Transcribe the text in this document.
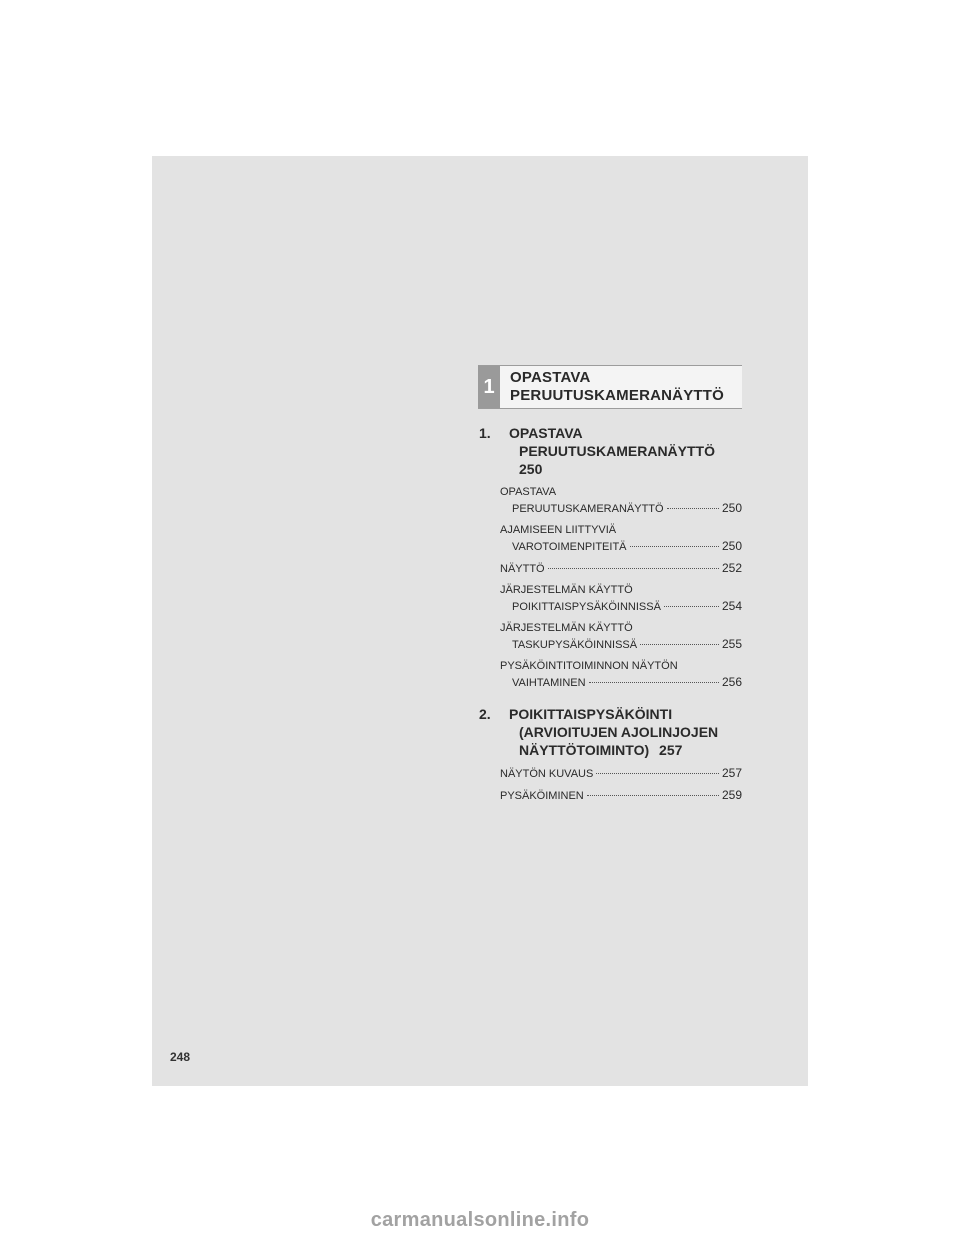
1	OPASTAVA
PERUUTUSKAMERANÄYTTÖ
1. OPASTAVA
PERUUTUSKAMERANÄYTTÖ 250
OPASTAVA
PERUUTUSKAMERANÄYTTÖ	250
AJAMISEEN LIITTYVIÄ
VAROTOIMENPITEITÄ	250
NÄYTTÖ	252
JÄRJESTELMÄN KÄYTTÖ
POIKITTAISPYSÄKÖINNISSÄ	254
JÄRJESTELMÄN KÄYTTÖ
TASKUPYSÄKÖINNISSÄ	255
PYSÄKÖINTITOIMINNON NÄYTÖN
VAIHTAMINEN	256
2. POIKITTAISPYSÄKÖINTI
(ARVIOITUJEN AJOLINJOJEN
NÄYTTÖTOIMINTO) 257
NÄYTÖN KUVAUS	257
PYSÄKÖIMINEN	259
248
carmanualsonline.info
